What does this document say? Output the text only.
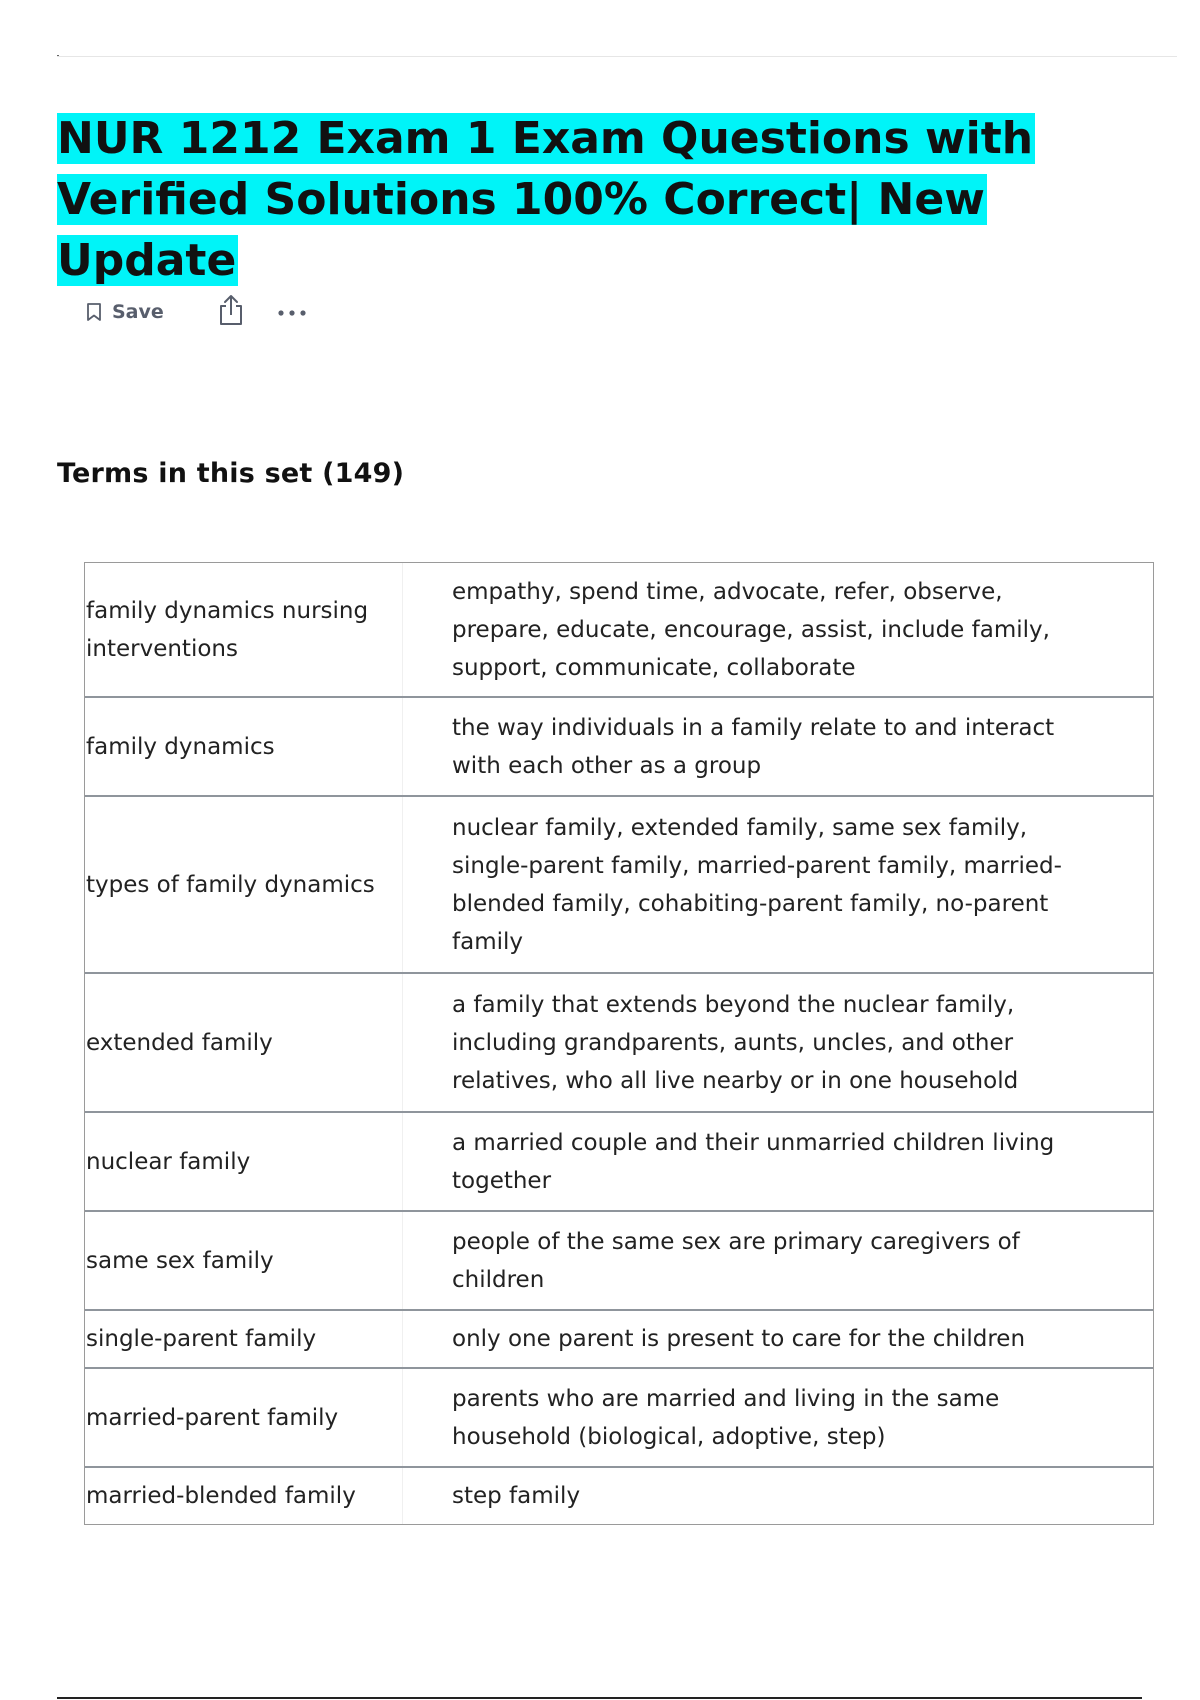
NUR 1212 Exam 1 Exam Questions with Verified Solutions 100% Correct| New Update
Save
Terms in this set (149)
family dynamics nursing interventions
empathy, spend time, advocate, refer, observe, prepare, educate, encourage, assist, include family, support, communicate, collaborate
family dynamics
the way individuals in a family relate to and interact with each other as a group
types of family dynamics
nuclear family, extended family, same sex family, single-parent family, married-parent family, married-blended family, cohabiting-parent family, no-parent family
extended family
a family that extends beyond the nuclear family, including grandparents, aunts, uncles, and other relatives, who all live nearby or in one household
nuclear family
a married couple and their unmarried children living together
same sex family
people of the same sex are primary caregivers of children
single-parent family	only one parent is present to care for the children
married-parent family
parents who are married and living in the same household (biological, adoptive, step)
married-blended family	step family
